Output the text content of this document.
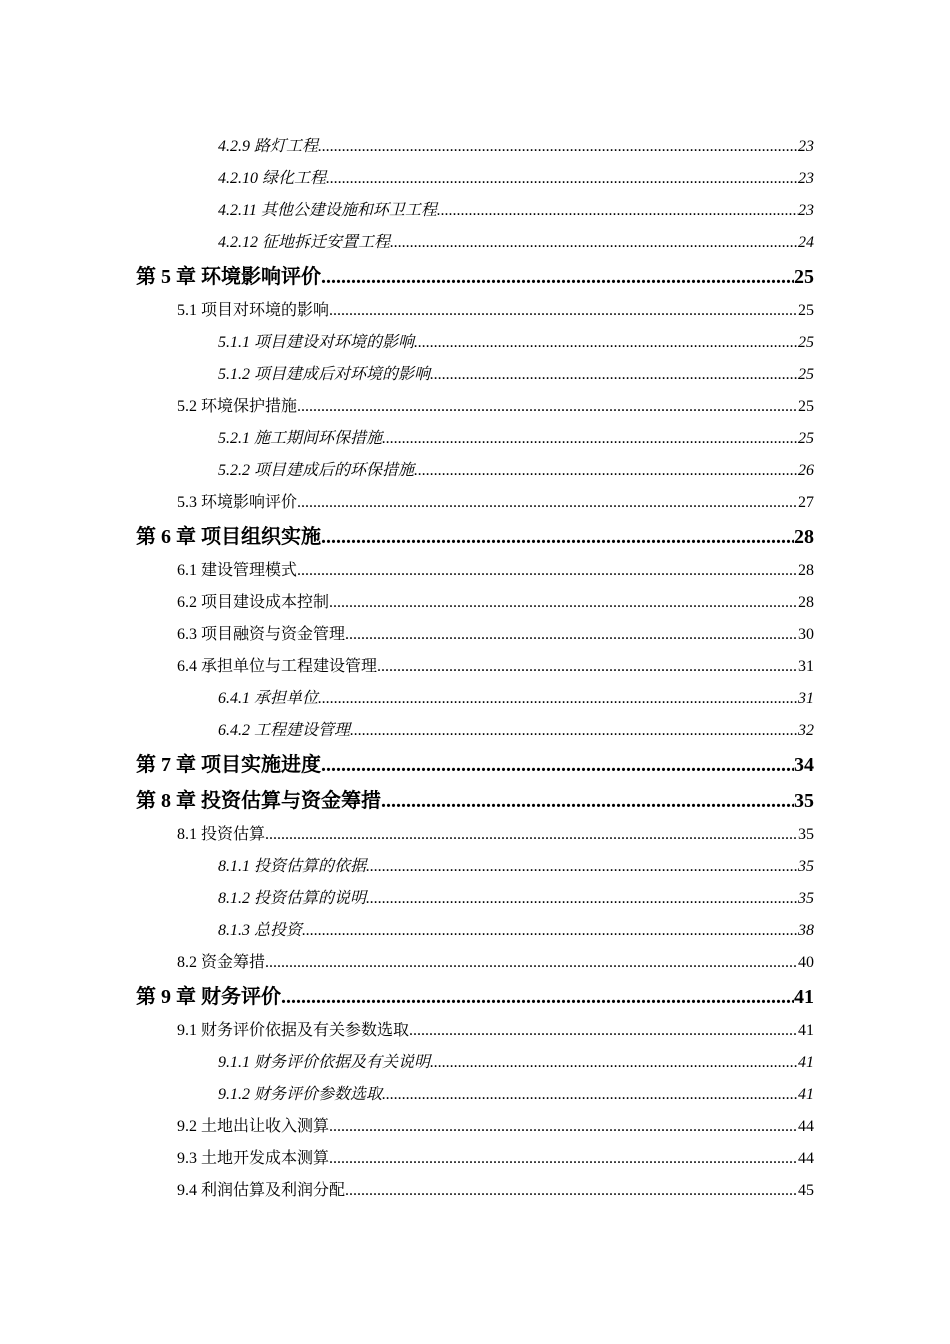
4.2.9 路灯工程 .....	23
4.2.10 绿化工程 .....	23
4.2.11 其他公建设施和环卫工程 .....	23
4.2.12 征地拆迁安置工程 .....	24
第 5 章 环境影响评价 .....	25
5.1 项目对环境的影响 .....	25
5.1.1 项目建设对环境的影响 .....	25
5.1.2 项目建成后对环境的影响 .....	25
5.2 环境保护措施 .....	25
5.2.1 施工期间环保措施 .....	25
5.2.2 项目建成后的环保措施 .....	26
5.3 环境影响评价 .....	27
第 6 章 项目组织实施 .....	28
6.1 建设管理模式 .....	28
6.2 项目建设成本控制 .....	28
6.3 项目融资与资金管理 .....	30
6.4 承担单位与工程建设管理 .....	31
6.4.1 承担单位 .....	31
6.4.2 工程建设管理 .....	32
第 7 章 项目实施进度 .....	34
第 8 章 投资估算与资金筹措 .....	35
8.1 投资估算 .....	35
8.1.1 投资估算的依据 .....	35
8.1.2 投资估算的说明 .....	35
8.1.3 总投资 .....	38
8.2 资金筹措 .....	40
第 9 章 财务评价 .....	41
9.1 财务评价依据及有关参数选取 .....	41
9.1.1 财务评价依据及有关说明 .....	41
9.1.2 财务评价参数选取 .....	41
9.2 土地出让收入测算 .....	44
9.3 土地开发成本测算 .....	44
9.4 利润估算及利润分配 .....	45
